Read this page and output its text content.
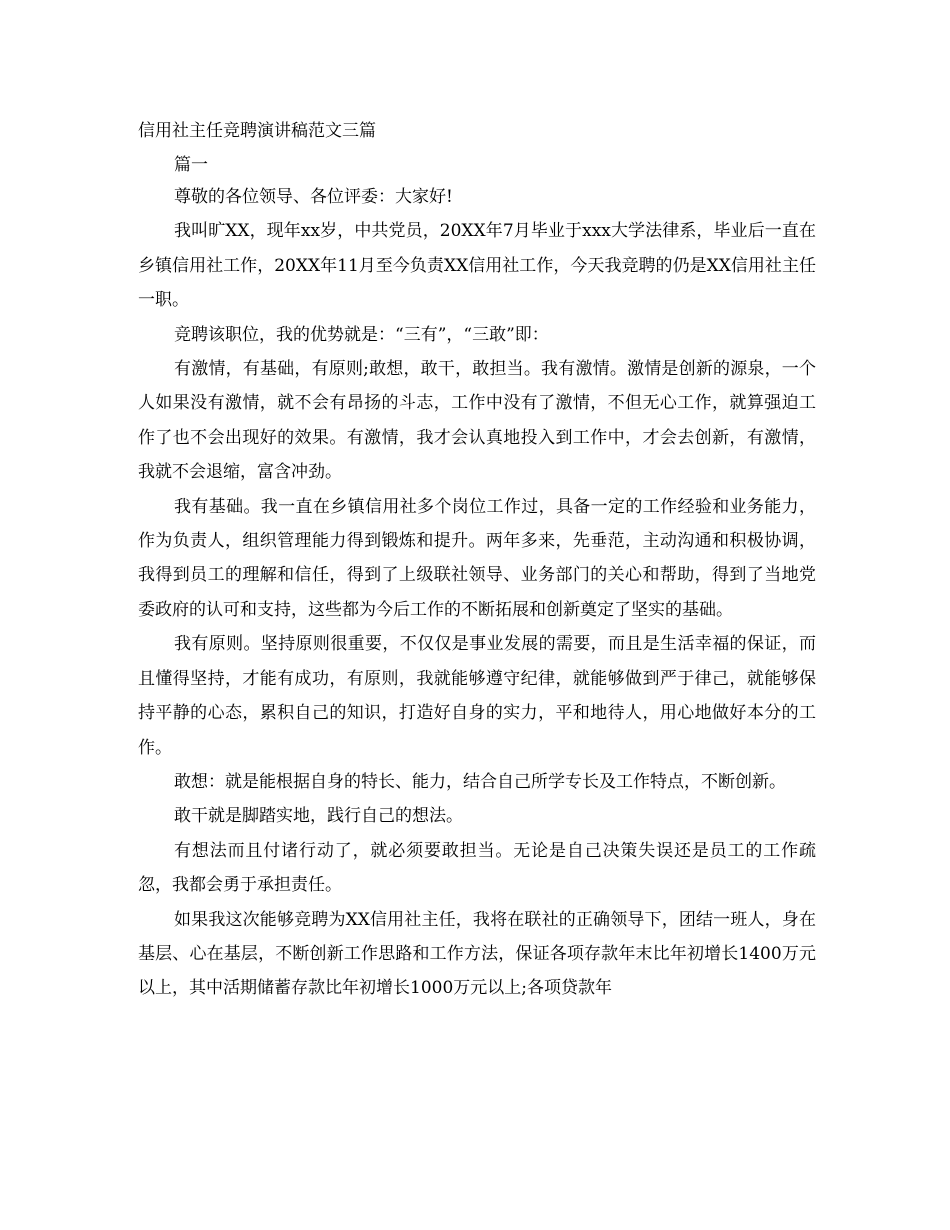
信用社主任竞聘演讲稿范文三篇

篇一

尊敬的各位领导、各位评委：大家好!

我叫旷XX，现年xx岁，中共党员，20XX年7月毕业于xxx大学法律系，毕业后一直在乡镇信用社工作，20XX年11月至今负责XX信用社工作，今天我竞聘的仍是XX信用社主任一职。

竞聘该职位，我的优势就是：“三有”，“三敢”即：

有激情，有基础，有原则;敢想，敢干，敢担当。我有激情。激情是创新的源泉，一个人如果没有激情，就不会有昂扬的斗志，工作中没有了激情，不但无心工作，就算强迫工作了也不会出现好的效果。有激情，我才会认真地投入到工作中，才会去创新，有激情，我就不会退缩，富含冲劲。

我有基础。我一直在乡镇信用社多个岗位工作过，具备一定的工作经验和业务能力，作为负责人，组织管理能力得到锻炼和提升。两年多来，先垂范，主动沟通和积极协调，我得到员工的理解和信任，得到了上级联社领导、业务部门的关心和帮助，得到了当地党委政府的认可和支持，这些都为今后工作的不断拓展和创新奠定了坚实的基础。

我有原则。坚持原则很重要，不仅仅是事业发展的需要，而且是生活幸福的保证，而且懂得坚持，才能有成功，有原则，我就能够遵守纪律，就能够做到严于律己，就能够保持平静的心态，累积自己的知识，打造好自身的实力，平和地待人，用心地做好本分的工作。

敢想：就是能根据自身的特长、能力，结合自己所学专长及工作特点，不断创新。

敢干就是脚踏实地，践行自己的想法。

有想法而且付诸行动了，就必须要敢担当。无论是自己决策失误还是员工的工作疏忽，我都会勇于承担责任。

如果我这次能够竞聘为XX信用社主任，我将在联社的正确领导下，团结一班人，身在基层、心在基层，不断创新工作思路和工作方法，保证各项存款年末比年初增长1400万元以上，其中活期储蓄存款比年初增长1000万元以上;各项贷款年
